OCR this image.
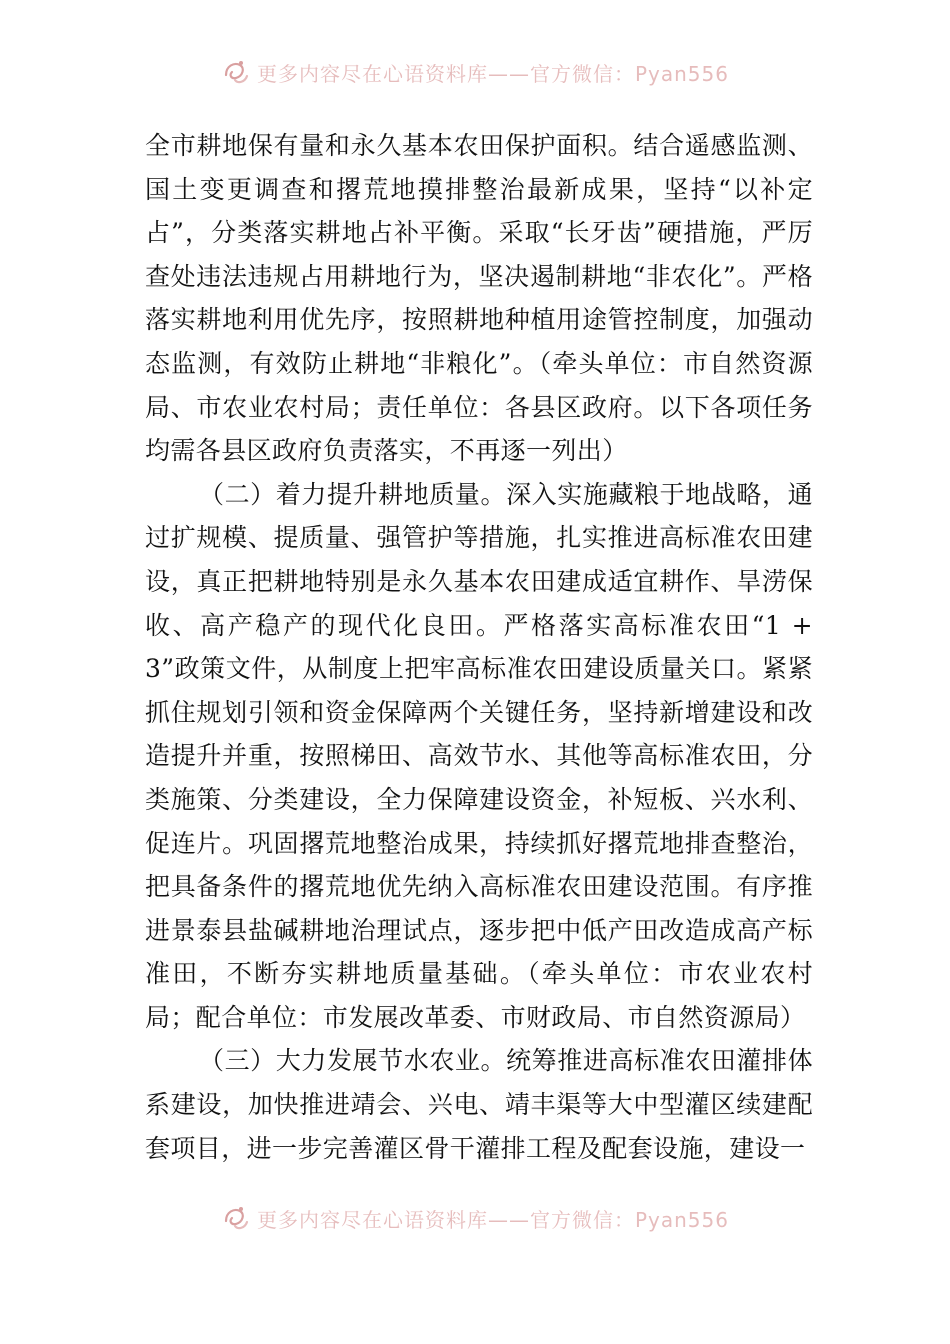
更多内容尽在心语资料库——官方微信：Pyan556

全市耕地保有量和永久基本农田保护面积。结合遥感监测、国土变更调查和撂荒地摸排整治最新成果，坚持“以补定占”，分类落实耕地占补平衡。采取“长牙齿”硬措施，严厉查处违法违规占用耕地行为，坚决遏制耕地“非农化”。严格落实耕地利用优先序，按照耕地种植用途管控制度，加强动态监测，有效防止耕地“非粮化”。（牵头单位：市自然资源局、市农业农村局；责任单位：各县区政府。以下各项任务均需各县区政府负责落实，不再逐一列出）

（二）着力提升耕地质量。深入实施藏粮于地战略，通过扩规模、提质量、强管护等措施，扎实推进高标准农田建设，真正把耕地特别是永久基本农田建成适宜耕作、旱涝保收、高产稳产的现代化良田。严格落实高标准农田“1 + 3”政策文件，从制度上把牢高标准农田建设质量关口。紧紧抓住规划引领和资金保障两个关键任务，坚持新增建设和改造提升并重，按照梯田、高效节水、其他等高标准农田，分类施策、分类建设，全力保障建设资金，补短板、兴水利、促连片。巩固撂荒地整治成果，持续抓好撂荒地排查整治，把具备条件的撂荒地优先纳入高标准农田建设范围。有序推进景泰县盐碱耕地治理试点，逐步把中低产田改造成高产标准田，不断夯实耕地质量基础。（牵头单位：市农业农村局；配合单位：市发展改革委、市财政局、市自然资源局）

（三）大力发展节水农业。统筹推进高标准农田灌排体系建设，加快推进靖会、兴电、靖丰渠等大中型灌区续建配套项目，进一步完善灌区骨干灌排工程及配套设施，建设一

更多内容尽在心语资料库——官方微信：Pyan556
